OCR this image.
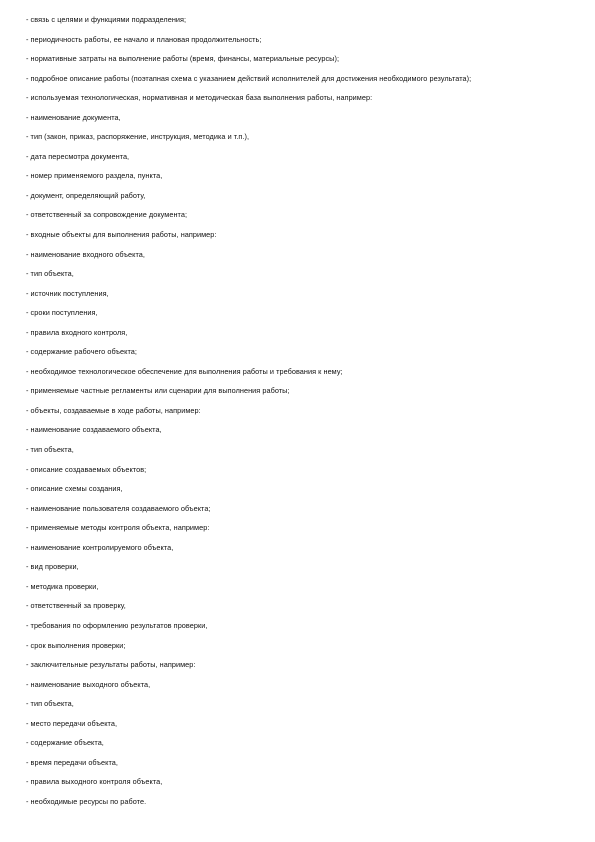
- связь с целями и функциями подразделения;
- периодичность работы, ее начало и плановая продолжительность;
- нормативные затраты на выполнение работы (время, финансы, материальные ресурсы);
- подробное описание работы (поэтапная схема с указанием действий исполнителей для достижения необходимого результата);
- используемая технологическая, нормативная и методическая база выполнения работы, например:
- наименование документа,
- тип (закон, приказ, распоряжение, инструкция, методика и т.п.),
- дата пересмотра документа,
- номер применяемого раздела, пункта,
- документ, определяющий работу,
- ответственный за сопровождение документа;
- входные объекты для выполнения работы, например:
- наименование входного объекта,
- тип объекта,
- источник поступления,
- сроки поступления,
- правила входного контроля,
- содержание рабочего объекта;
- необходимое технологическое обеспечение для выполнения работы и требования к нему;
- применяемые частные регламенты или сценарии для выполнения работы;
- объекты, создаваемые в ходе работы, например:
- наименование создаваемого объекта,
- тип объекта,
- описание создаваемых объектов;
- описание схемы создания,
- наименование пользователя создаваемого объекта;
- применяемые методы контроля объекта, например:
- наименование контролируемого объекта,
- вид проверки,
- методика проверки,
- ответственный за проверку,
- требования по оформлению результатов проверки,
- срок выполнения проверки;
- заключительные результаты работы, например:
- наименование выходного объекта,
- тип объекта,
- место передачи объекта,
- содержание объекта,
- время передачи объекта,
- правила выходного контроля объекта,
- необходимые ресурсы по работе.
